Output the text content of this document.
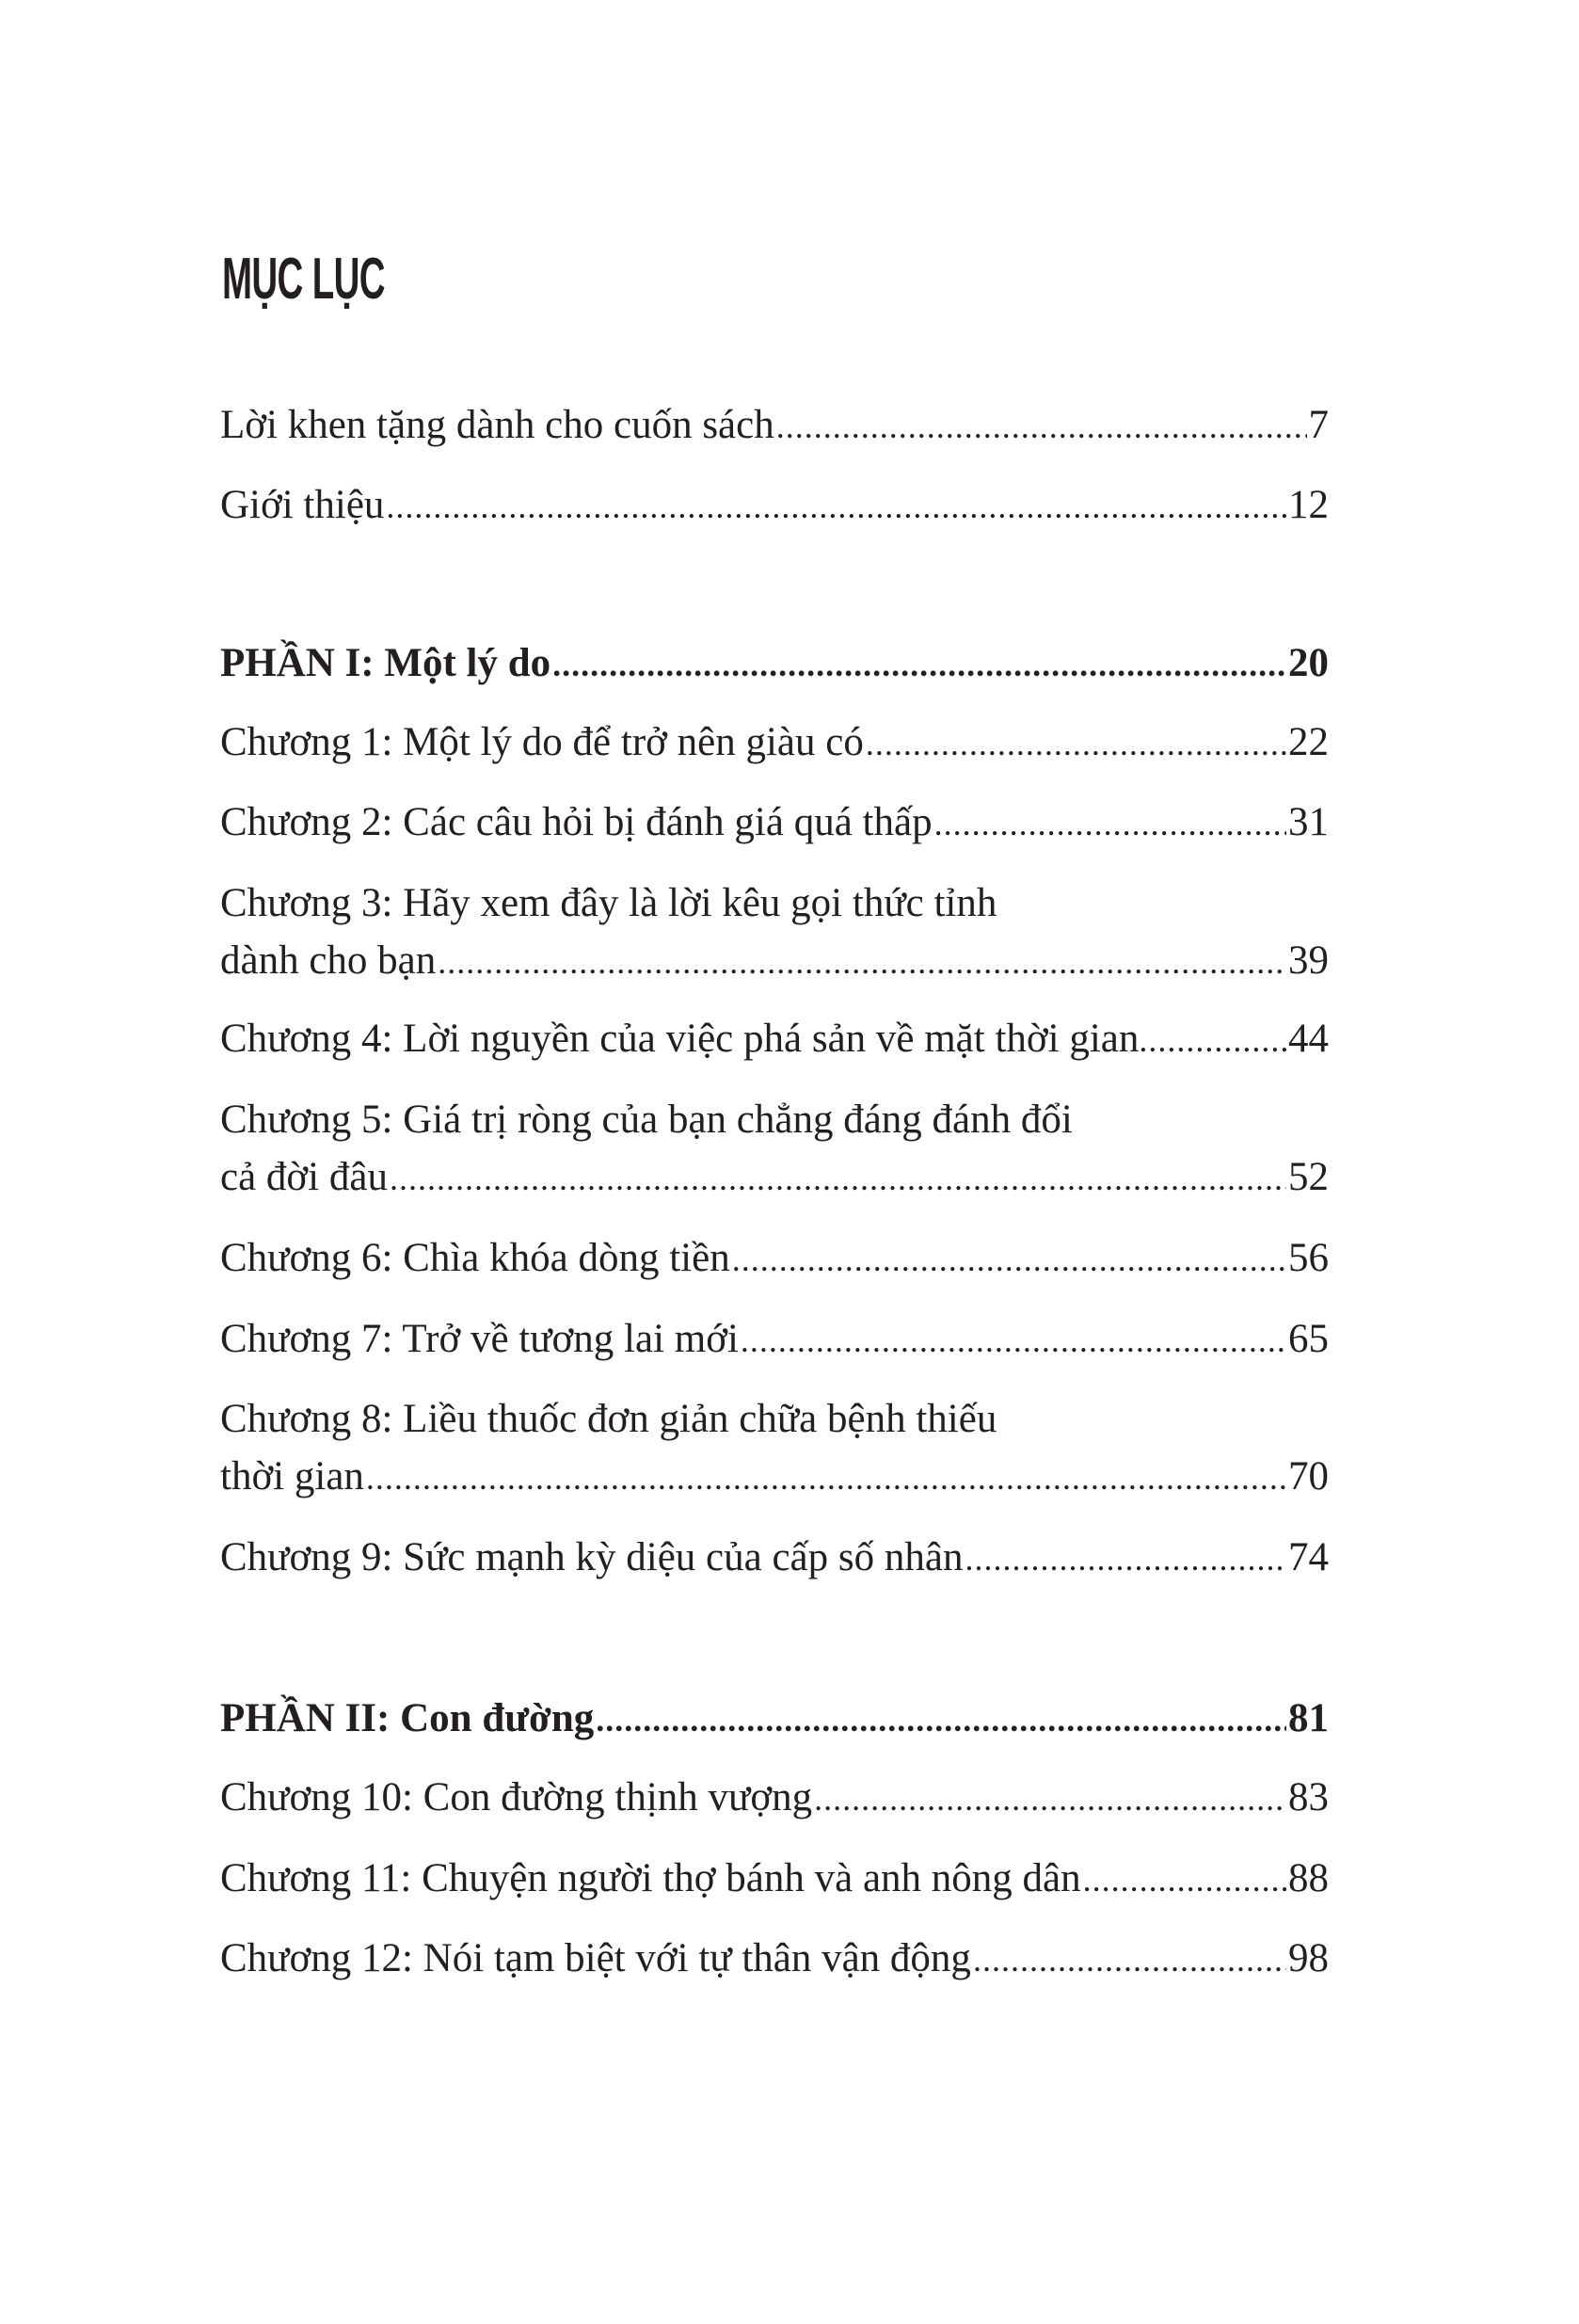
MỤC LỤC
Lời khen tặng dành cho cuốn sách .....	7
Giới thiệu .....	12
PHẦN I: Một lý do .....	20
Chương 1: Một lý do để trở nên giàu có .....	22
Chương 2: Các câu hỏi bị đánh giá quá thấp .....	31
Chương 3: Hãy xem đây là lời kêu gọi thức tỉnh
dành cho bạn .....	39
Chương 4: Lời nguyền của việc phá sản về mặt thời gian .....	44
Chương 5: Giá trị ròng của bạn chẳng đáng đánh đổi
cả đời đâu .....	52
Chương 6: Chìa khóa dòng tiền .....	56
Chương 7: Trở về tương lai mới .....	65
Chương 8: Liều thuốc đơn giản chữa bệnh thiếu
thời gian .....	70
Chương 9: Sức mạnh kỳ diệu của cấp số nhân .....	74
PHẦN II: Con đường .....	81
Chương 10: Con đường thịnh vượng .....	83
Chương 11: Chuyện người thợ bánh và anh nông dân .....	88
Chương 12: Nói tạm biệt với tự thân vận động .....	98
